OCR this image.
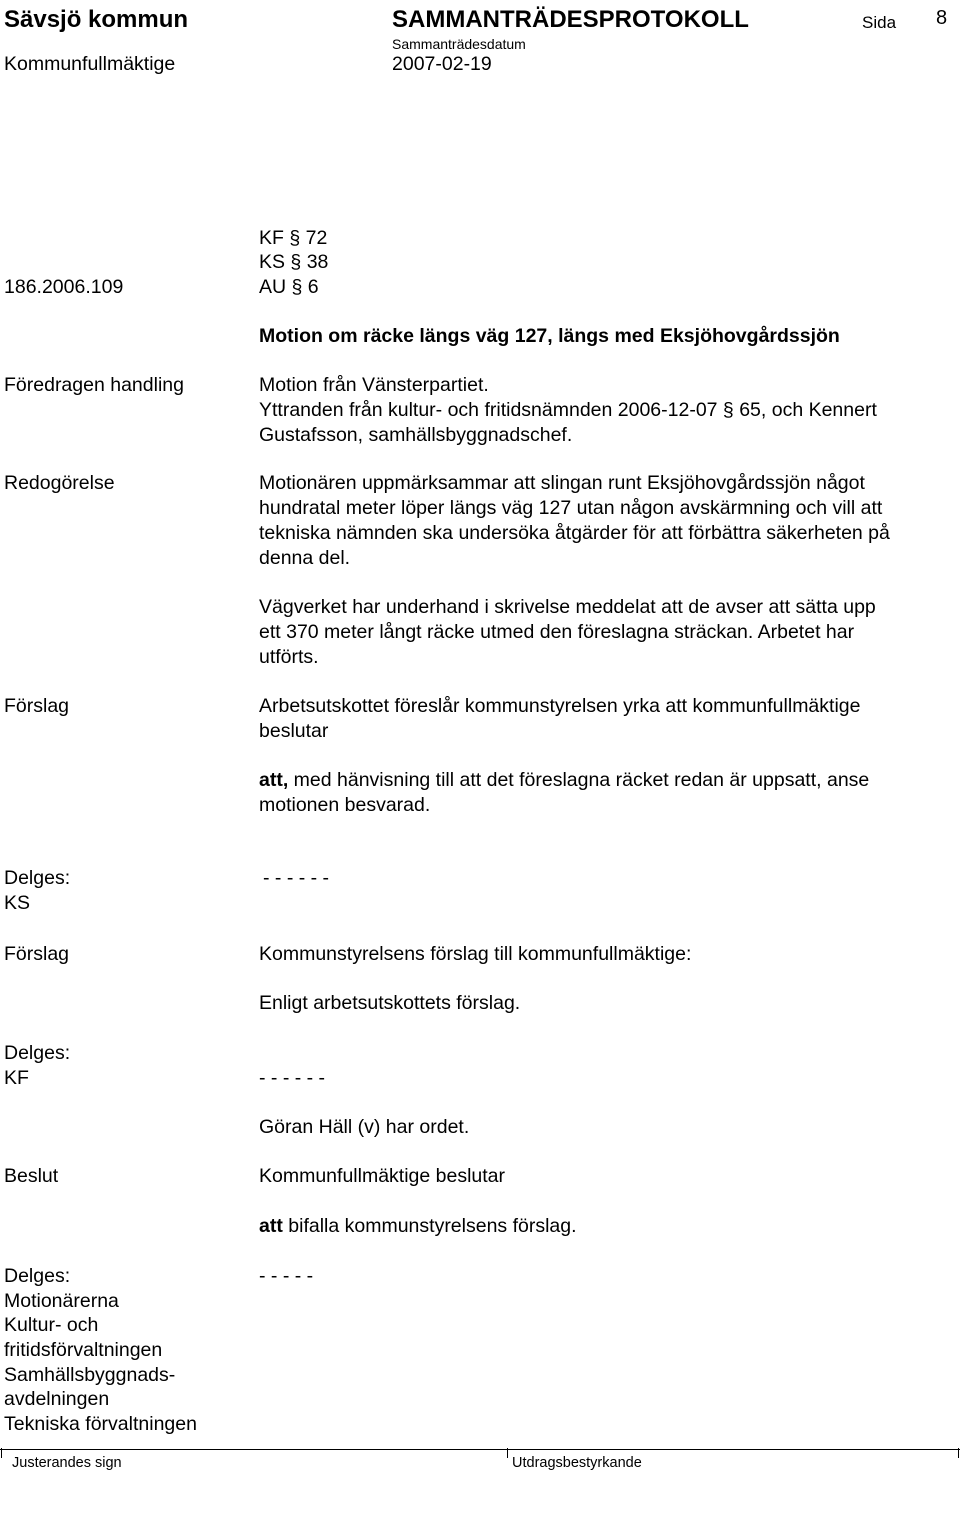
Sävsjö kommun	SAMMANTRÄDESPROTOKOLL	Sida 8
Sammanträdesdatum
Kommunfullmäktige	2007-02-19
KF § 72
KS § 38
186.2006.109	AU § 6
Motion om räcke längs väg 127, längs med Eksjöhovgårdssjön
Föredragen handling	Motion från Vänsterpartiet.
Yttranden från kultur- och fritidsnämnden 2006-12-07 § 65, och Kennert
Gustafsson, samhällsbyggnadschef.
Redogörelse	Motionären uppmärksammar att slingan runt Eksjöhovgårdssjön något
hundratal meter löper längs väg 127 utan någon avskärmning och vill att
tekniska nämnden ska undersöka åtgärder för att förbättra säkerheten på
denna del.
Vägverket har underhand i skrivelse meddelat att de avser att sätta upp
ett 370 meter långt räcke utmed den föreslagna sträckan. Arbetet har
utförts.
Förslag	Arbetsutskottet föreslår kommunstyrelsen yrka att kommunfullmäktige
beslutar
att, med hänvisning till att det föreslagna räcket redan är uppsatt, anse
motionen besvarad.
Delges:	- - - - - -
KS
Förslag	Kommunstyrelsens förslag till kommunfullmäktige:
Enligt arbetsutskottets förslag.
Delges:
KF	- - - - - -
Göran Häll (v) har ordet.
Beslut	Kommunfullmäktige beslutar
att bifalla kommunstyrelsens förslag.
Delges:	- - - - -
Motionärerna
Kultur- och
fritidsförvaltningen
Samhällsbyggnads-
avdelningen
Tekniska förvaltningen
Justerandes sign	Utdragsbestyrkande
